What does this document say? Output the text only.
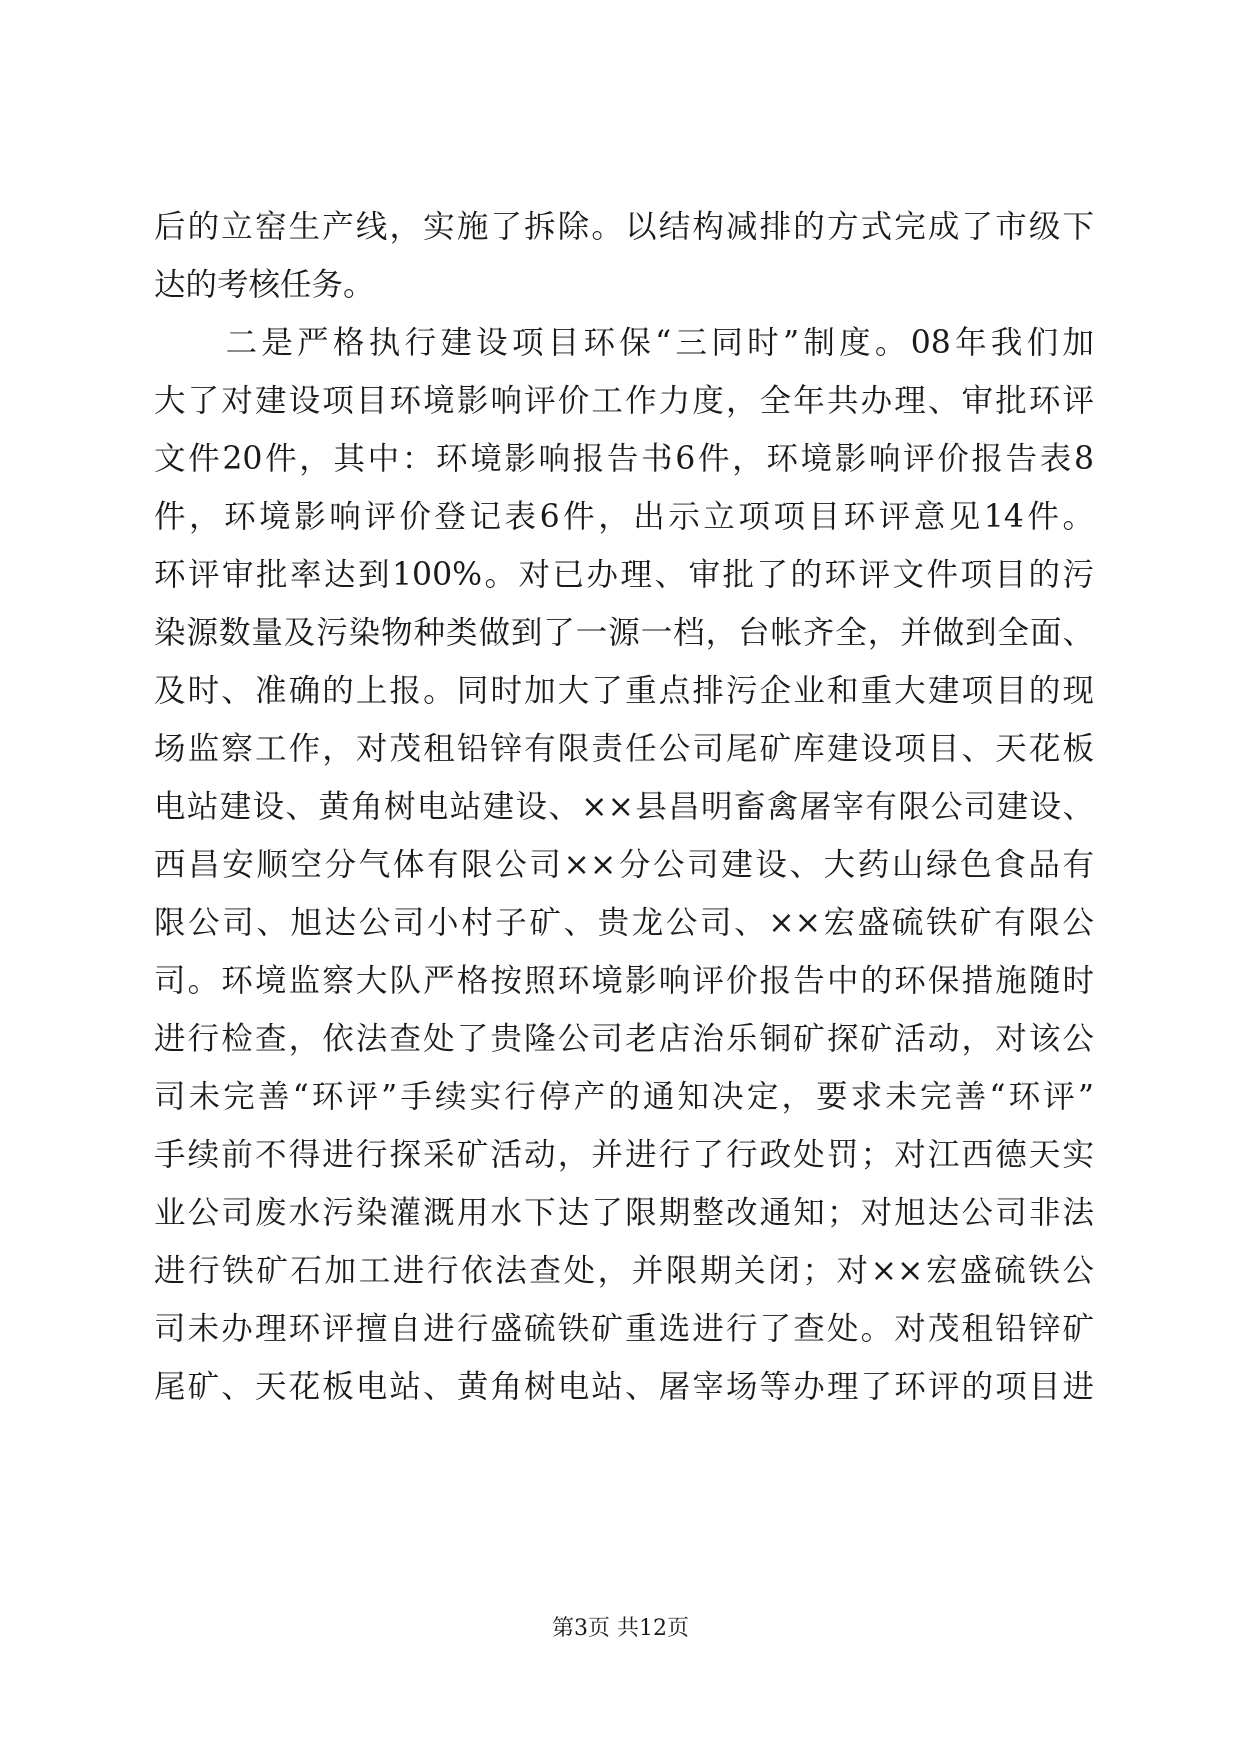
后的立窑生产线，实施了拆除。以结构减排的方式完成了市级下
达的考核任务。
　　二是严格执行建设项目环保“三同时”制度。08年我们加
大了对建设项目环境影响评价工作力度，全年共办理、审批环评
文件20件，其中：环境影响报告书6件，环境影响评价报告表8
件，环境影响评价登记表6件，出示立项项目环评意见14件。
环评审批率达到100%。对已办理、审批了的环评文件项目的污
染源数量及污染物种类做到了一源一档，台帐齐全，并做到全面、
及时、准确的上报。同时加大了重点排污企业和重大建项目的现
场监察工作，对茂租铅锌有限责任公司尾矿库建设项目、天花板
电站建设、黄角树电站建设、××县昌明畜禽屠宰有限公司建设、
西昌安顺空分气体有限公司××分公司建设、大药山绿色食品有
限公司、旭达公司小村子矿、贵龙公司、××宏盛硫铁矿有限公
司。环境监察大队严格按照环境影响评价报告中的环保措施随时
进行检查，依法查处了贵隆公司老店治乐铜矿探矿活动，对该公
司未完善“环评”手续实行停产的通知决定，要求未完善“环评”
手续前不得进行探采矿活动，并进行了行政处罚；对江西德天实
业公司废水污染灌溉用水下达了限期整改通知；对旭达公司非法
进行铁矿石加工进行依法查处，并限期关闭；对××宏盛硫铁公
司未办理环评擅自进行盛硫铁矿重选进行了查处。对茂租铅锌矿
尾矿、天花板电站、黄角树电站、屠宰场等办理了环评的项目进
第3页 共12页
